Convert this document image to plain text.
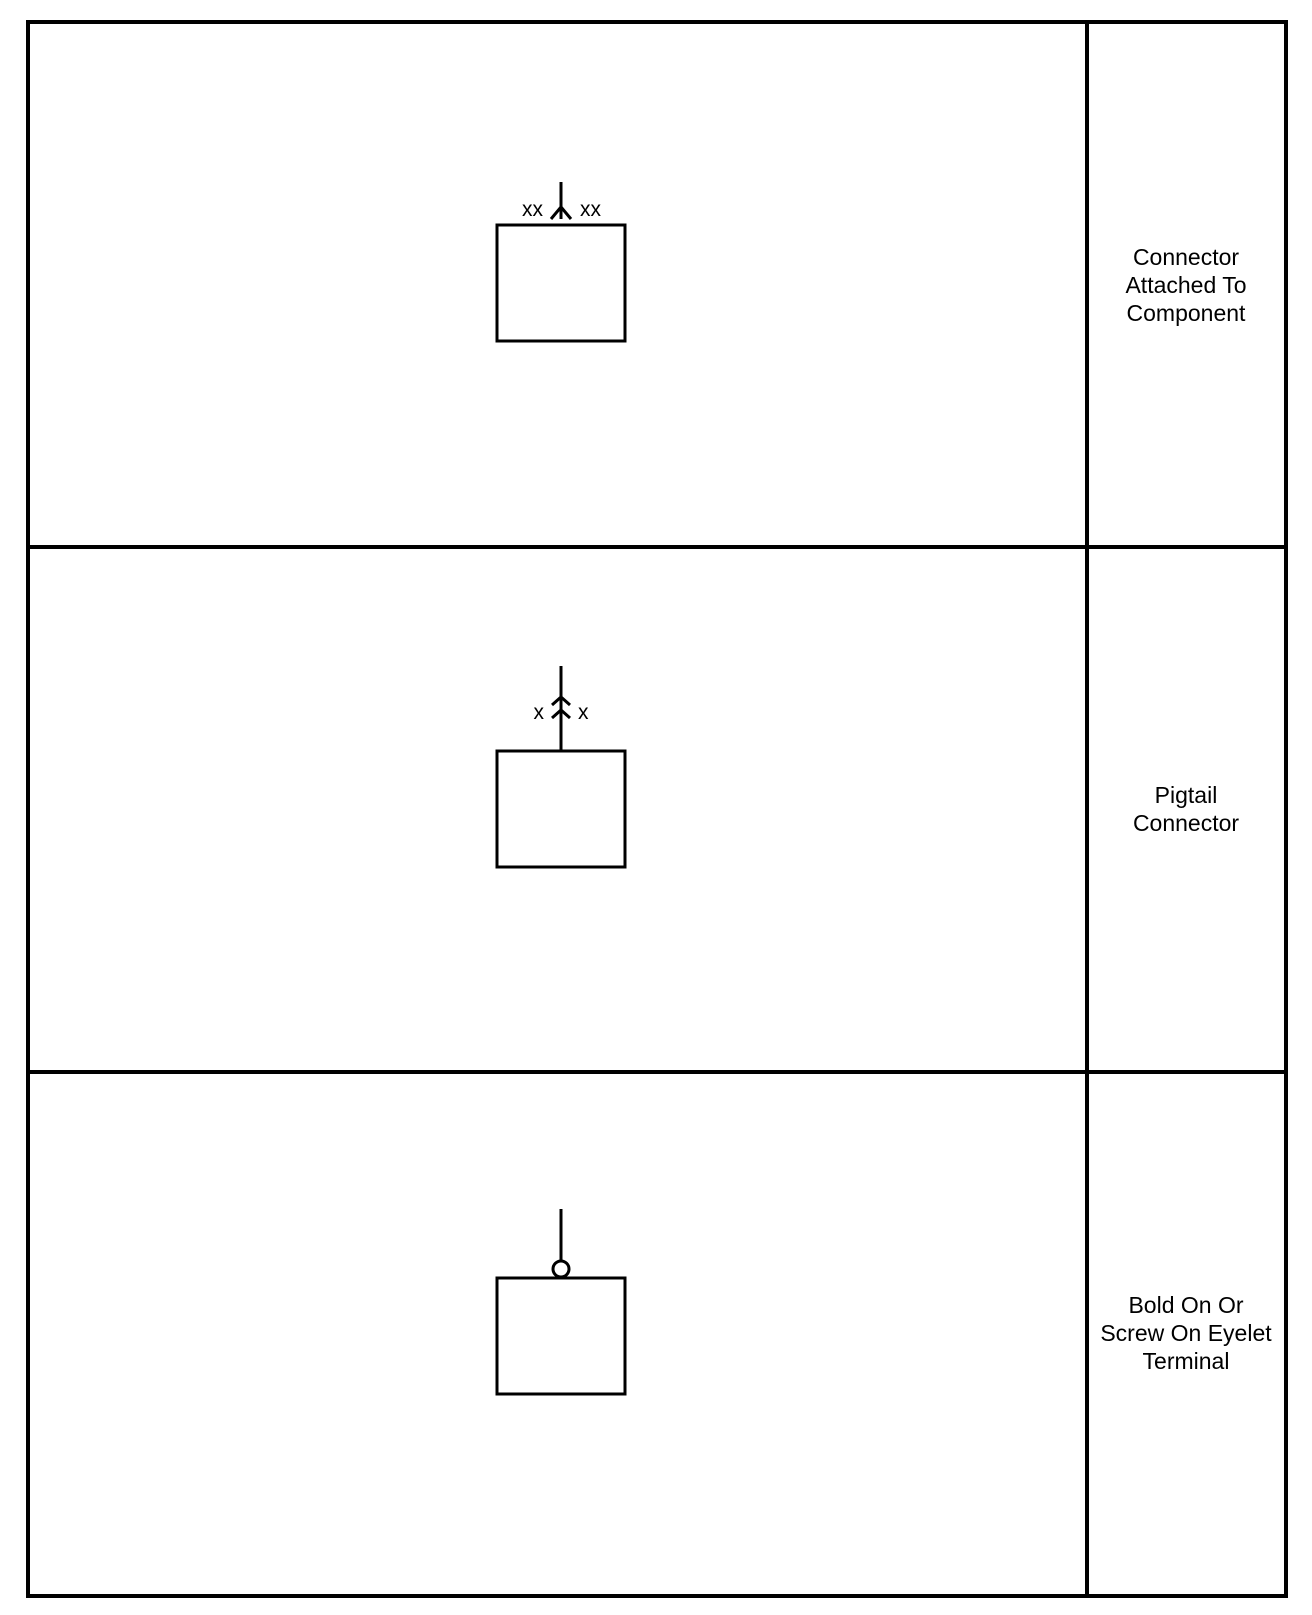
xx xx
x x
Connector
Attached To
Component
Pigtail
Connector
Bold On Or
Screw On Eyelet
Terminal
